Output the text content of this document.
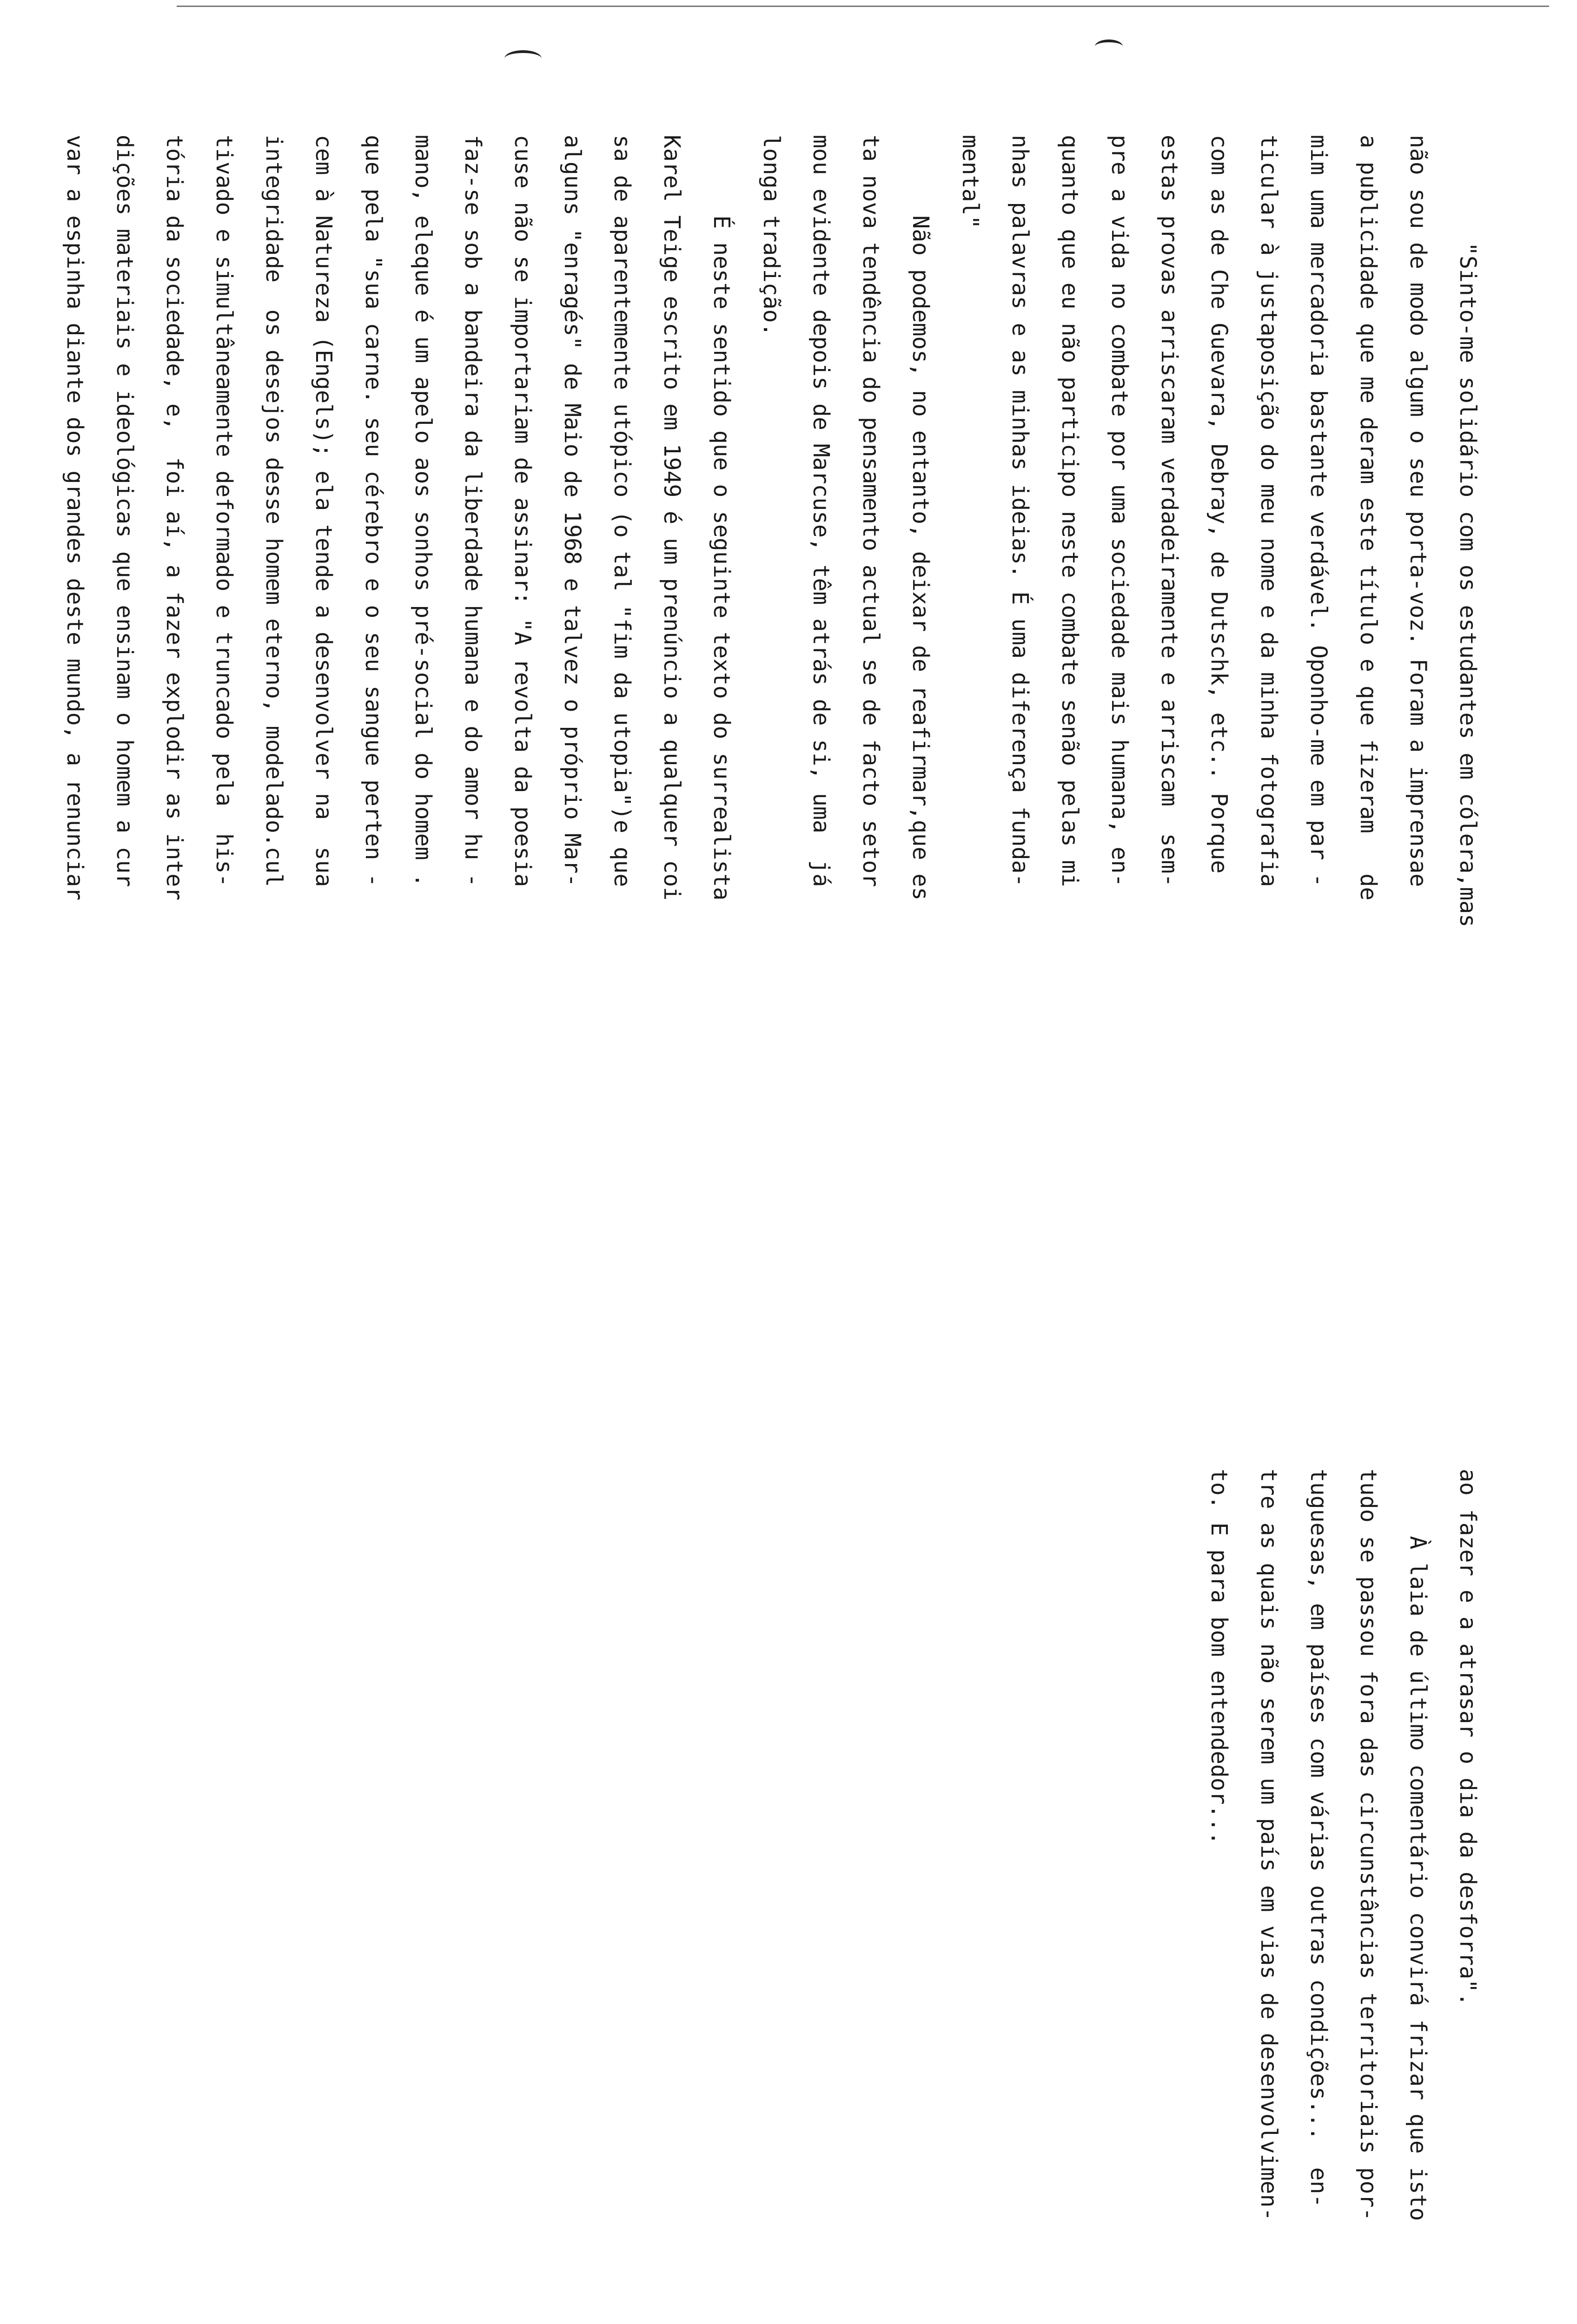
"Sinto-me solidário com os estudantes em cólera,mas
não sou de modo algum o seu porta-voz. Foram a imprensae
a publicidade que me deram este título e que fizeram   de
mim uma mercadoria bastante verdável. Oponho-me em par -
ticular à justaposição do meu nome e da minha fotografia
com as de Che Guevara, Debray, de Dutschk, etc.. Porque
estas provas arriscaram verdadeiramente e arriscam  sem-
pre a vida no combate por uma sociedade mais humana, en-
quanto que eu não participo neste combate senão pelas mi
nhas palavras e as minhas ideias. É uma diferença funda-
mental"
Não podemos, no entanto, deixar de reafirmar,que es
ta nova tendência do pensamento actual se de facto setor
mou evidente depois de Marcuse, têm atrás de si, uma  já
longa tradição.
É neste sentido que o seguinte texto do surrealista
Karel Teige escrito em 1949 é um prenúncio a qualquer coi
sa de aparentemente utópico (o tal "fim da utopia")e que
alguns "enragés" de Maio de 1968 e talvez o próprio Mar-
cuse não se importariam de assinar: "A revolta da poesia
faz-se sob a bandeira da liberdade humana e do amor hu -
mano, eleque é um apelo aos sonhos pré-social do homem .
que pela "sua carne. seu cérebro e o seu sangue perten -
cem à Natureza (Engels); ela tende a desenvolver na  sua
integridade  os desejos desse homem eterno, modelado.cul
tivado e simultâneamente deformado e truncado pela  his-
tória da sociedade, e,  foi aí, a fazer explodir as inter
dições materiais e ideológicas que ensinam o homem a cur
var a espinha diante dos grandes deste mundo, a renunciar
ao fazer e a atrasar o dia da desforra".
À laia de último comentário convirá frizar que isto
tudo se passou fora das circunstâncias territoriais por-
tuguesas, em países com várias outras condições...  en-
tre as quais não serem um país em vias de desenvolvimen-
to. E para bom entendedor...
